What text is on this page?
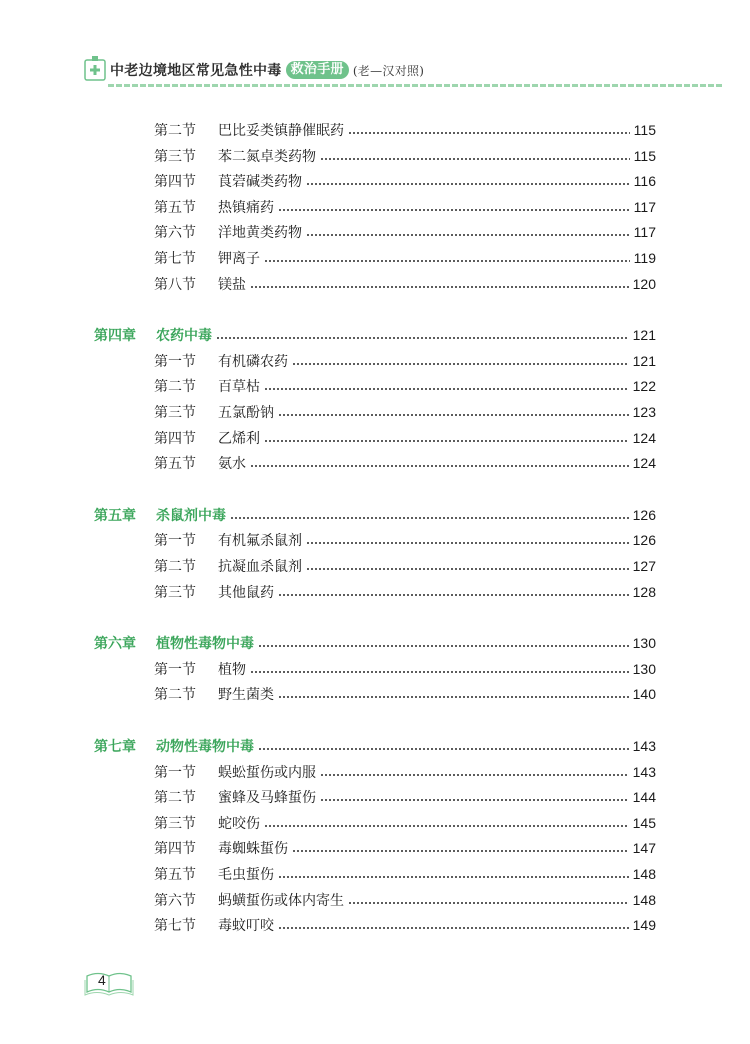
中老边境地区常见急性中毒 救治手册 (老—汉对照)
第二节	巴比妥类镇静催眠药	115
第三节	苯二氮卓类药物	115
第四节	莨菪碱类药物	116
第五节	热镇痛药	117
第六节	洋地黄类药物	117
第七节	钾离子	119
第八节	镁盐	120
第四章	农药中毒	121
第一节	有机磷农药	121
第二节	百草枯	122
第三节	五氯酚钠	123
第四节	乙烯利	124
第五节	氨水	124
第五章	杀鼠剂中毒	126
第一节	有机氟杀鼠剂	126
第二节	抗凝血杀鼠剂	127
第三节	其他鼠药	128
第六章	植物性毒物中毒	130
第一节	植物	130
第二节	野生菌类	140
第七章	动物性毒物中毒	143
第一节	蜈蚣蜇伤或内服	143
第二节	蜜蜂及马蜂蜇伤	144
第三节	蛇咬伤	145
第四节	毒蜘蛛蜇伤	147
第五节	毛虫蜇伤	148
第六节	蚂蟥蜇伤或体内寄生	148
第七节	毒蚊叮咬	149
4
